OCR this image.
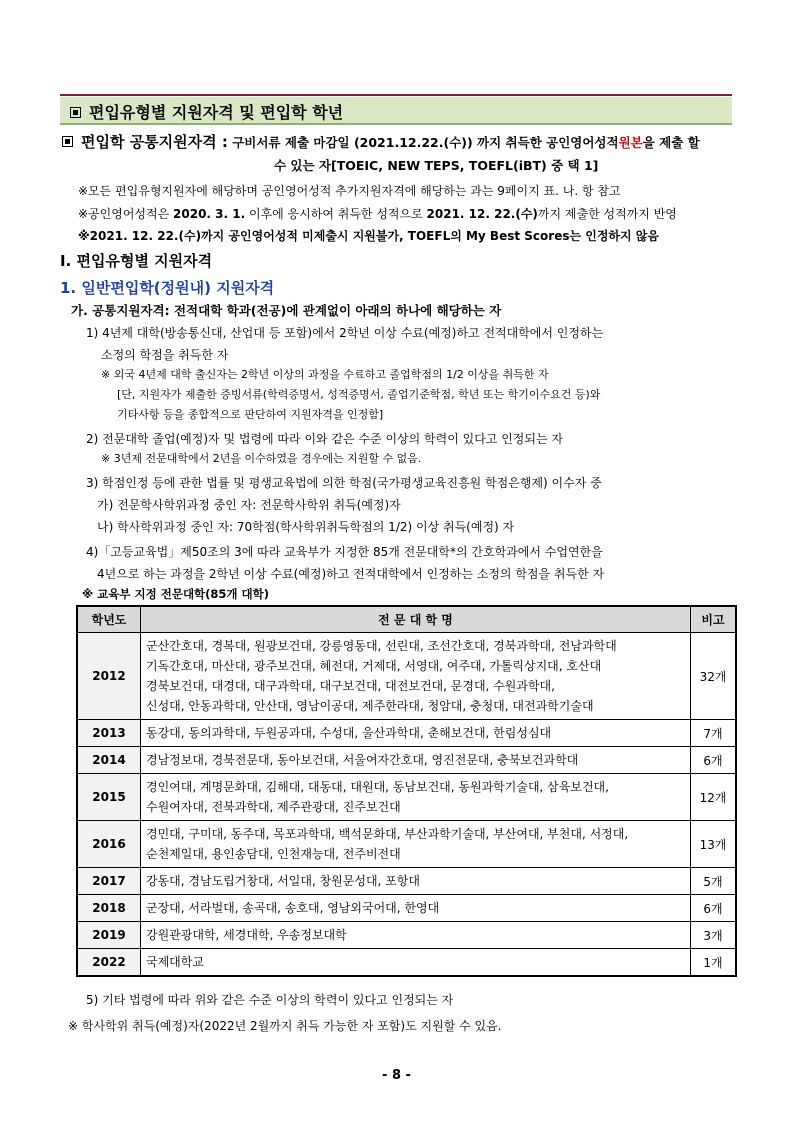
편입유형별 지원자격 및 편입학 학년
편입학 공통지원자격 : 구비서류 제출 마감일 (2021.12.22.(수)) 까지 취득한 공인영어성적원본을 제출 할
수 있는 자[TOEIC, NEW TEPS, TOEFL(iBT) 중 택 1]
※모든 편입유형지원자에 해당하며 공인영어성적 추가지원자격에 해당하는 과는 9페이지 표. 나. 항 참고
※공인영어성적은 2020. 3. 1. 이후에 응시하여 취득한 성적으로 2021. 12. 22.(수)까지 제출한 성적까지 반영
※2021. 12. 22.(수)까지 공인영어성적 미제출시 지원불가, TOEFL의 My Best Scores는 인정하지 않음
Ⅰ. 편입유형별 지원자격
1. 일반편입학(정원내) 지원자격
가. 공통지원자격: 전적대학 학과(전공)에 관계없이 아래의 하나에 해당하는 자
1) 4년제 대학(방송통신대, 산업대 등 포함)에서 2학년 이상 수료(예정)하고 전적대학에서 인정하는
소정의 학점을 취득한 자
※ 외국 4년제 대학 출신자는 2학년 이상의 과정을 수료하고 졸업학점의 1/2 이상을 취득한 자
[단, 지원자가 제출한 증빙서류(학력증명서, 성적증명서, 졸업기준학점, 학년 또는 학기이수요건 등)와
기타사항 등을 종합적으로 판단하여 지원자격을 인정함]
2) 전문대학 졸업(예정)자 및 법령에 따라 이와 같은 수준 이상의 학력이 있다고 인정되는 자
※ 3년제 전문대학에서 2년을 이수하였을 경우에는 지원할 수 없음.
3) 학점인정 등에 관한 법률 및 평생교육법에 의한 학점(국가평생교육진흥원 학점은행제) 이수자 중
가) 전문학사학위과정 중인 자: 전문학사학위 취득(예정)자
나) 학사학위과정 중인 자: 70학점(학사학위취득학점의 1/2) 이상 취득(예정) 자
4)「고등교육법」제50조의 3에 따라 교육부가 지정한 85개 전문대학*의 간호학과에서 수업연한을
4년으로 하는 과정을 2학년 이상 수료(예정)하고 전적대학에서 인정하는 소정의 학점을 취득한 자
※ 교육부 지정 전문대학(85개 대학)
학년도	전 문 대 학 명	비고
2012	군산간호대, 경복대, 원광보건대, 강릉영동대, 선린대, 조선간호대, 경북과학대, 전남과학대
기독간호대, 마산대, 광주보건대, 혜전대, 거제대, 서영대, 여주대, 가톨릭상지대, 호산대
경북보건대, 대경대, 대구과학대, 대구보건대, 대전보건대, 문경대, 수원과학대,
신성대, 안동과학대, 안산대, 영남이공대, 제주한라대, 청암대, 충청대, 대전과학기술대	32개
2013	동강대, 동의과학대, 두원공과대, 수성대, 울산과학대, 춘해보건대, 한림성심대	7개
2014	경남정보대, 경북전문대, 동아보건대, 서울여자간호대, 영진전문대, 충북보건과학대	6개
2015	경인여대, 계명문화대, 김해대, 대동대, 대원대, 동남보건대, 동원과학기술대, 삼육보건대,
수원여자대, 전북과학대, 제주관광대, 진주보건대	12개
2016	경민대, 구미대, 동주대, 목포과학대, 백석문화대, 부산과학기술대, 부산여대, 부천대, 서정대,
순천제일대, 용인송담대, 인천재능대, 전주비전대	13개
2017	강동대, 경남도립거창대, 서일대, 창원문성대, 포항대	5개
2018	군장대, 서라벌대, 송곡대, 송호대, 영남외국어대, 한영대	6개
2019	강원관광대학, 세경대학, 우송정보대학	3개
2022	국제대학교	1개
5) 기타 법령에 따라 위와 같은 수준 이상의 학력이 있다고 인정되는 자
※ 학사학위 취득(예정)자(2022년 2월까지 취득 가능한 자 포함)도 지원할 수 있음.
- 8 -
